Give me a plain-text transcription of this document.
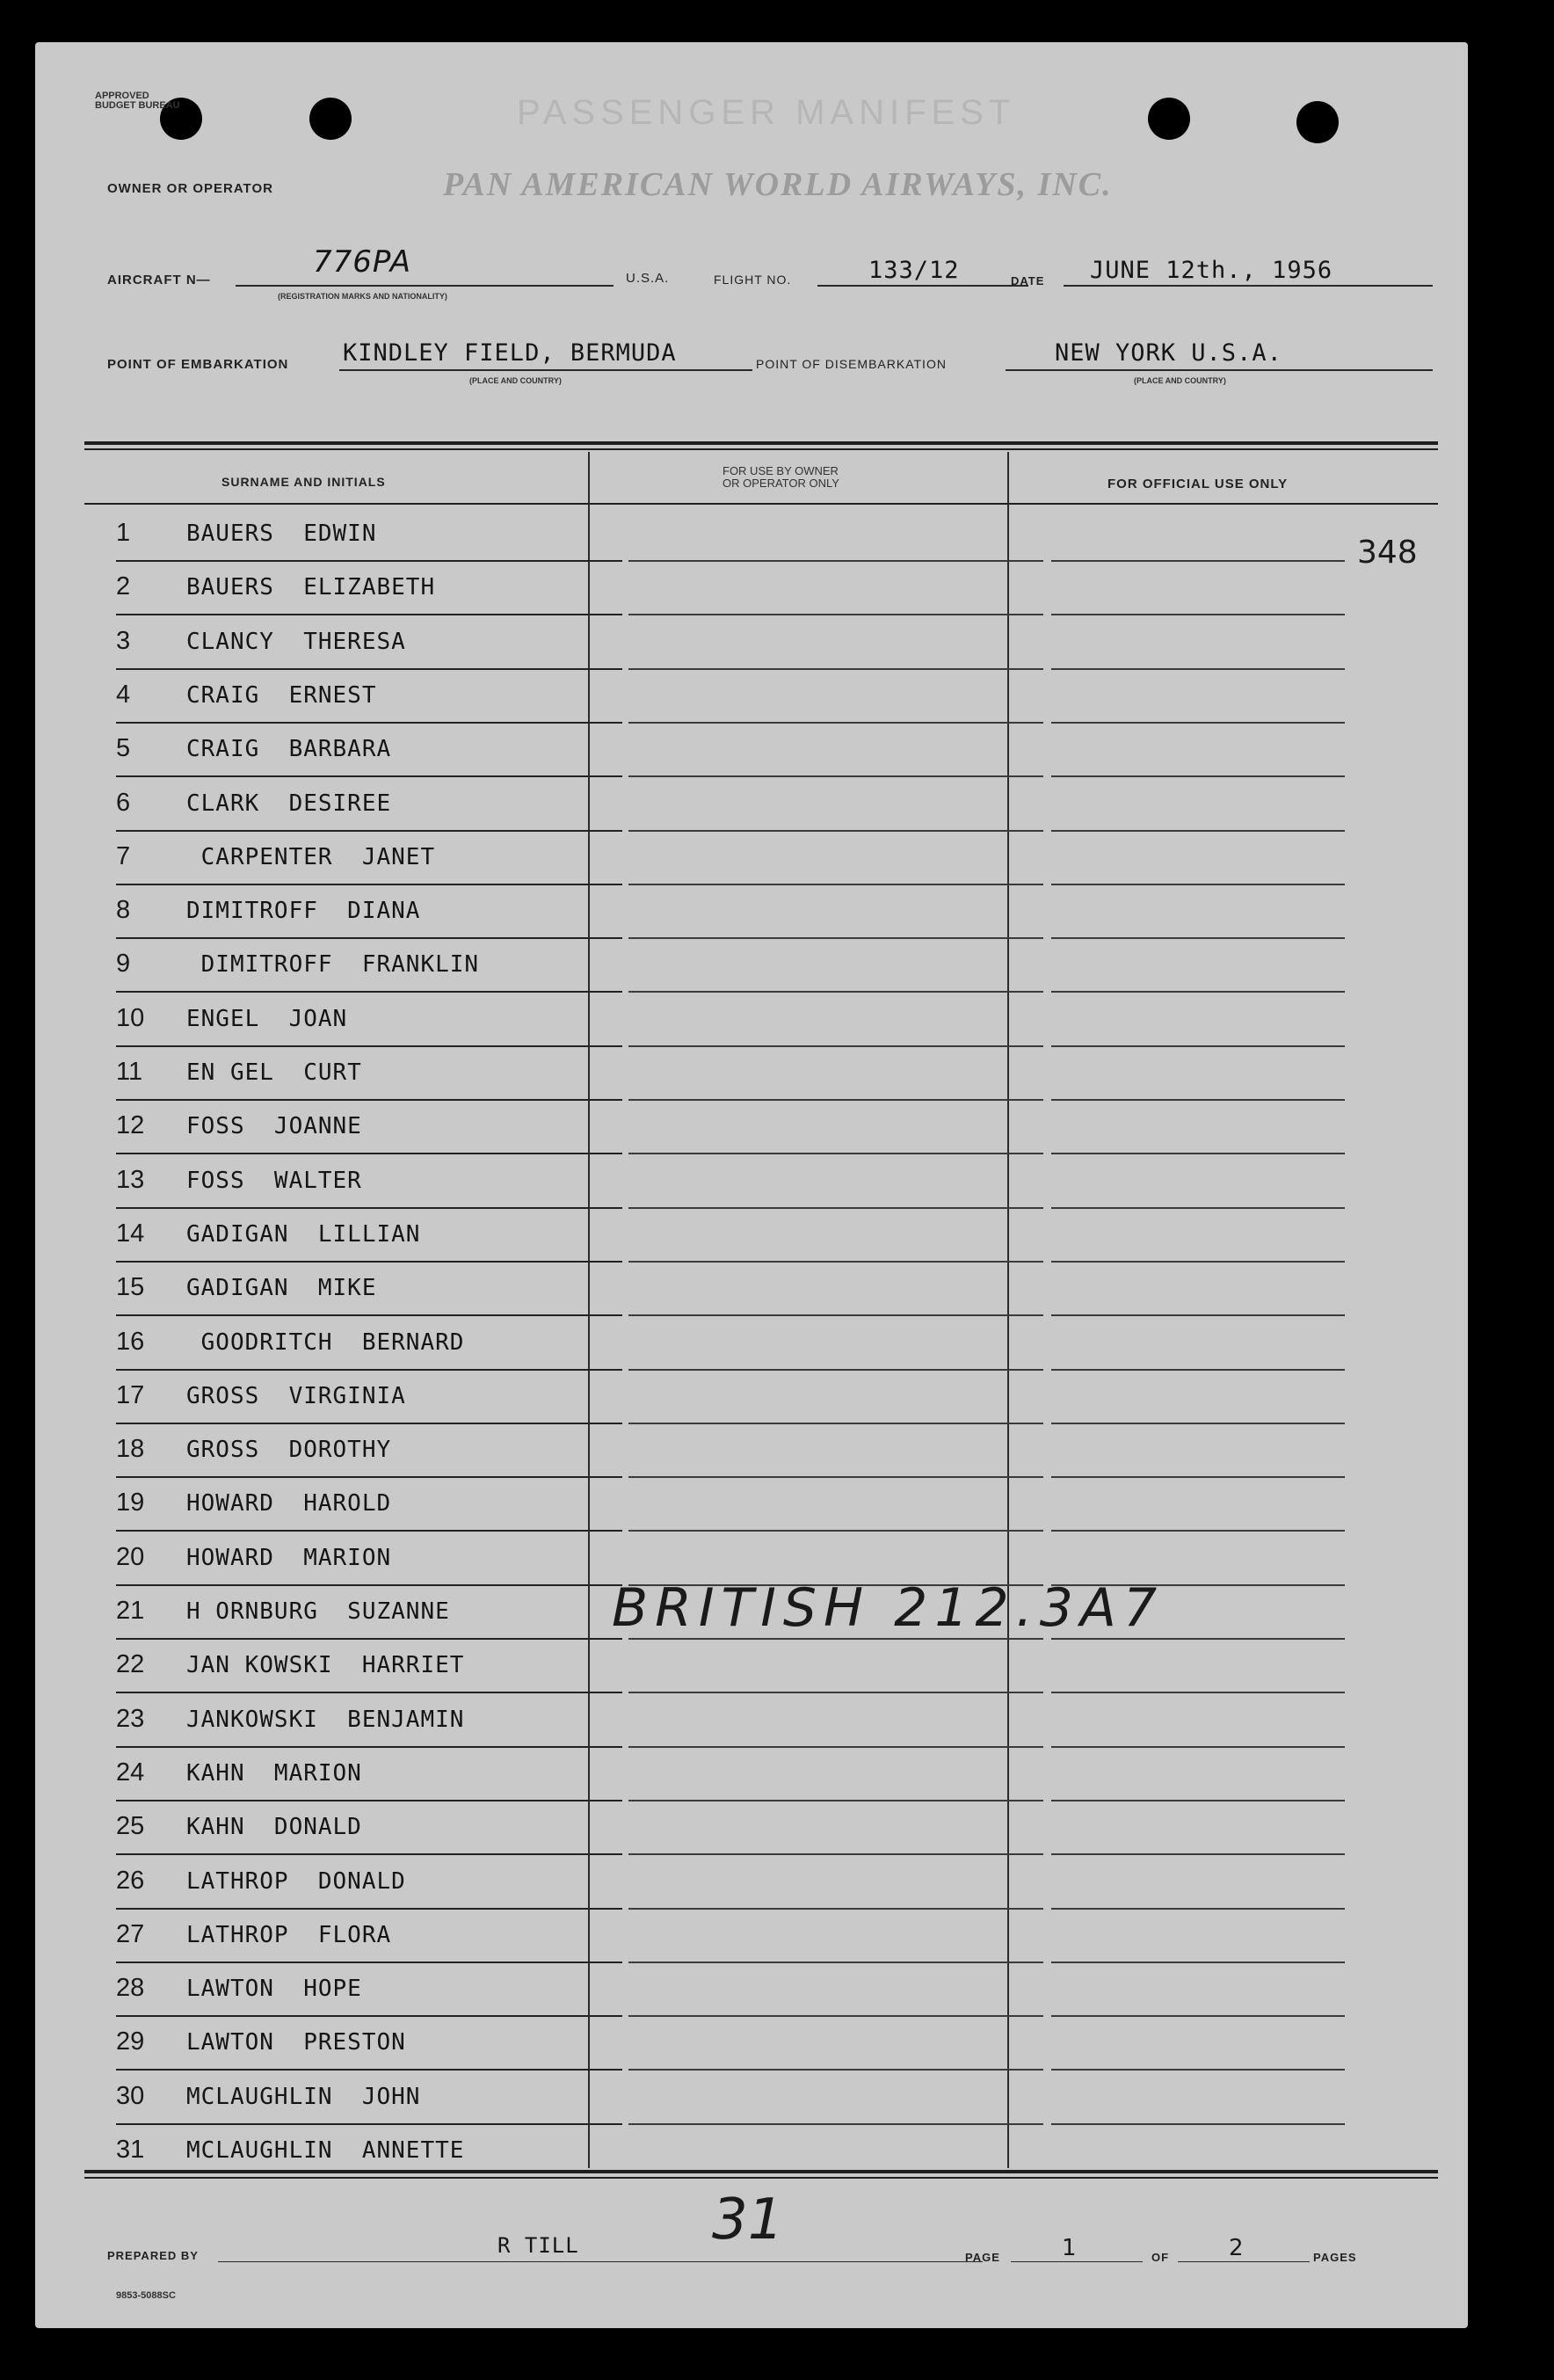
APPROVED BUDGET BUREAU	PASSENGER MANIFEST
OWNER OR OPERATOR	PAN AMERICAN WORLD AIRWAYS, INC.
AIRCRAFT N—
776PA
(REGISTRATION MARKS AND NATIONALITY)
U.S.A.	FLIGHT NO.	133/12	DATE JUNE 12th., 1956
POINT OF EMBARKATION KINDLEY FIELD, BERMUDA
(PLACE AND COUNTRY)
POINT OF DISEMBARKATION	NEW YORK U.S.A.
(PLACE AND COUNTRY)
SURNAME AND INITIALS
FOR USE BY OWNER
OR OPERATOR ONLY	FOR OFFICIAL USE ONLY
1 BAUERS  EDWIN
2 BAUERS  ELIZABETH
3 CLANCY  THERESA
4 CRAIG  ERNEST
5 CRAIG  BARBARA
6 CLARK  DESIREE
7 CARPENTER  JANET
8 DIMITROFF  DIANA
9 DIMITROFF  FRANKLIN
10 ENGEL  JOAN
11 EN GEL  CURT
12 FOSS  JOANNE
13 FOSS  WALTER
14 GADIGAN  LILLIAN
15 GADIGAN  MIKE
16 GOODRITCH  BERNARD
17 GROSS  VIRGINIA
18 GROSS  DOROTHY
19 HOWARD  HAROLD
20 HOWARD  MARION
21 H ORNBURG  SUZANNE
22 JAN KOWSKI  HARRIET
23 JANKOWSKI  BENJAMIN
24 KAHN  MARION
25 KAHN  DONALD
26 LATHROP  DONALD
27 LATHROP  FLORA
28 LAWTON  HOPE
29 LAWTON  PRESTON
30 MCLAUGHLIN  JOHN
31 MCLAUGHLIN  ANNETTE
348
BRITISH 212.3A7
31
PREPARED BY	R TILL	PAGE	1	OF	2	PAGES
9853-5088SC
